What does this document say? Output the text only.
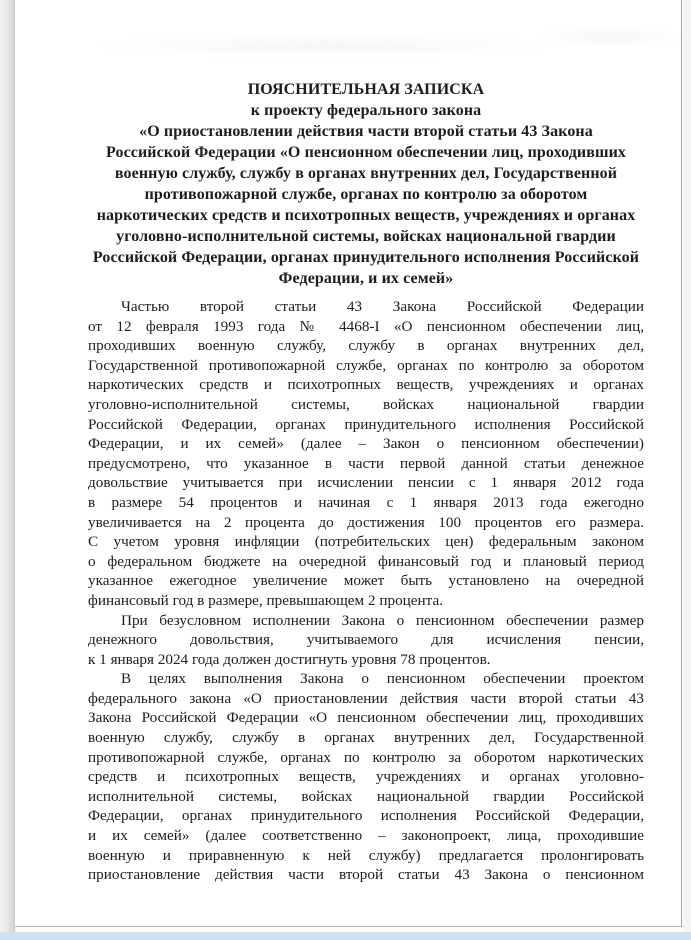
ПОЯСНИТЕЛЬНАЯ ЗАПИСКА
к проекту федерального закона
«О приостановлении действия части второй статьи 43 Закона
Российской Федерации «О пенсионном обеспечении лиц, проходивших
военную службу, службу в органах внутренних дел, Государственной
противопожарной службе, органах по контролю за оборотом
наркотических средств и психотропных веществ, учреждениях и органах
уголовно-исполнительной системы, войсках национальной гвардии
Российской Федерации, органах принудительного исполнения Российской
Федерации, и их семей»
Частью второй статьи 43 Закона Российской Федерации
от 12 февраля 1993 года № 4468-I «О пенсионном обеспечении лиц,
проходивших военную службу, службу в органах внутренних дел,
Государственной противопожарной службе, органах по контролю за оборотом
наркотических средств и психотропных веществ, учреждениях и органах
уголовно-исполнительной системы, войсках национальной гвардии
Российской Федерации, органах принудительного исполнения Российской
Федерации, и их семей» (далее – Закон о пенсионном обеспечении)
предусмотрено, что указанное в части первой данной статьи денежное
довольствие учитывается при исчислении пенсии с 1 января 2012 года
в размере 54 процентов и начиная с 1 января 2013 года ежегодно
увеличивается на 2 процента до достижения 100 процентов его размера.
С учетом уровня инфляции (потребительских цен) федеральным законом
о федеральном бюджете на очередной финансовый год и плановый период
указанное ежегодное увеличение может быть установлено на очередной
финансовый год в размере, превышающем 2 процента.
При безусловном исполнении Закона о пенсионном обеспечении размер
денежного довольствия, учитываемого для исчисления пенсии,
к 1 января 2024 года должен достигнуть уровня 78 процентов.
В целях выполнения Закона о пенсионном обеспечении проектом
федерального закона «О приостановлении действия части второй статьи 43
Закона Российской Федерации «О пенсионном обеспечении лиц, проходивших
военную службу, службу в органах внутренних дел, Государственной
противопожарной службе, органах по контролю за оборотом наркотических
средств и психотропных веществ, учреждениях и органах уголовно-
исполнительной системы, войсках национальной гвардии Российской
Федерации, органах принудительного исполнения Российской Федерации,
и их семей» (далее соответственно – законопроект, лица, проходившие
военную и приравненную к ней службу) предлагается пролонгировать
приостановление действия части второй статьи 43 Закона о пенсионном
